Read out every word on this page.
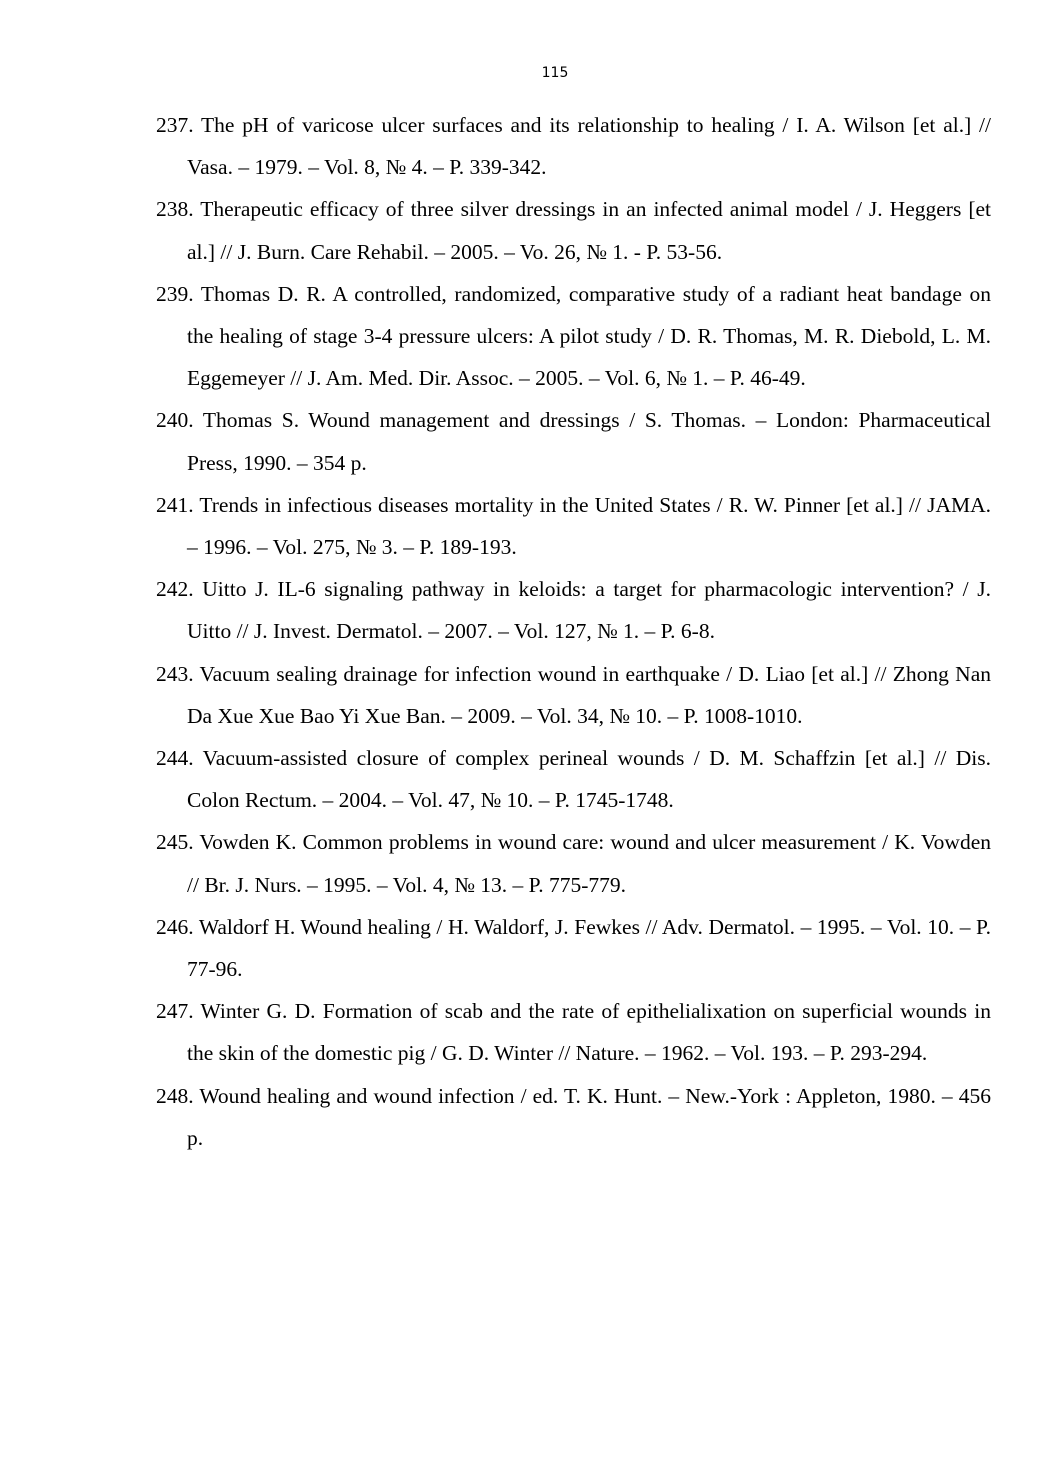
115
237. The pH of varicose ulcer surfaces and its relationship to healing / I. A. Wilson [et al.] // Vasa. – 1979. – Vol. 8, № 4. – P. 339-342.
238. Therapeutic efficacy of three silver dressings in an infected animal model / J. Heggers [et al.] // J. Burn. Care Rehabil. – 2005. – Vo. 26, № 1. - P. 53-56.
239. Thomas D. R. A controlled, randomized, comparative study of a radiant heat bandage on the healing of stage 3-4 pressure ulcers: A pilot study / D. R. Thomas, M. R. Diebold, L. M. Eggemeyer // J. Am. Med. Dir. Assoc. – 2005. – Vol. 6, № 1. – P. 46-49.
240. Thomas S. Wound management and dressings / S. Thomas. – London: Pharmaceutical Press, 1990. – 354 p.
241. Trends in infectious diseases mortality in the United States / R. W. Pinner [et al.] // JAMA. – 1996. – Vol. 275, № 3. – P. 189-193.
242. Uitto J. IL-6 signaling pathway in keloids: a target for pharmacologic intervention? / J. Uitto // J. Invest. Dermatol. – 2007. – Vol. 127, № 1. – P. 6-8.
243. Vacuum sealing drainage for infection wound in earthquake / D. Liao [et al.] // Zhong Nan Da Xue Xue Bao Yi Xue Ban. – 2009. – Vol. 34, № 10. – P. 1008-1010.
244. Vacuum-assisted closure of complex perineal wounds / D. M. Schaffzin [et al.] // Dis. Colon Rectum. – 2004. – Vol. 47, № 10. – P. 1745-1748.
245. Vowden K. Common problems in wound care: wound and ulcer measurement / K. Vowden // Br. J. Nurs. – 1995. – Vol. 4, № 13. – P. 775-779.
246. Waldorf H. Wound healing / H. Waldorf, J. Fewkes // Adv. Dermatol. – 1995. – Vol. 10. – P. 77-96.
247. Winter G. D. Formation of scab and the rate of epithelialixation on superficial wounds in the skin of the domestic pig / G. D. Winter // Nature. – 1962. – Vol. 193. – P. 293-294.
248. Wound healing and wound infection / ed. T. K. Hunt. – New.-York : Appleton, 1980. – 456 p.
